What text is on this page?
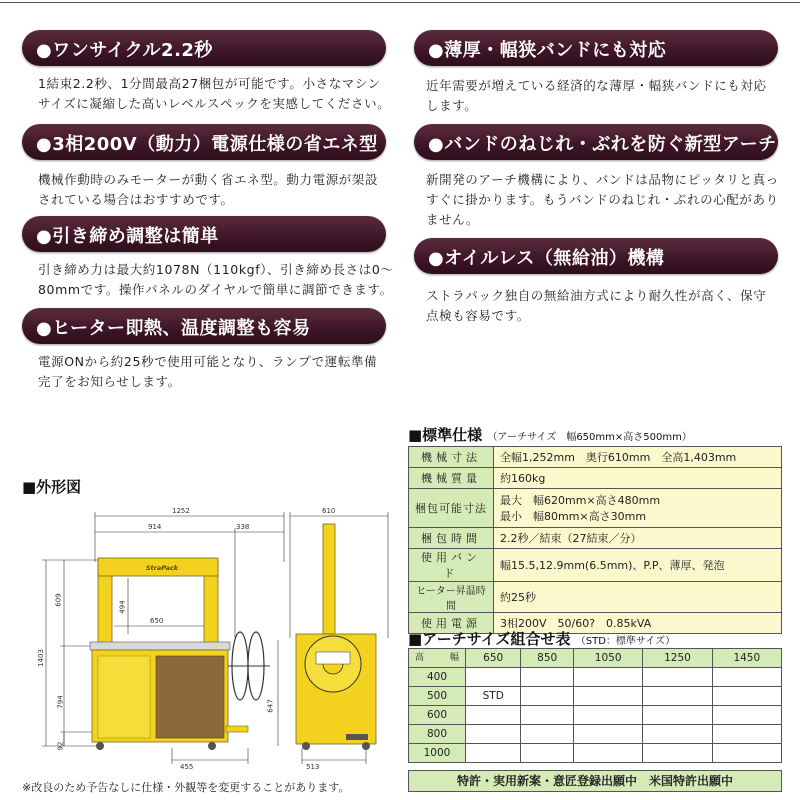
●ワンサイクル2.2秒
1結束2.2秒、1分間最高27梱包が可能です。小さなマシン
サイズに凝縮した高いレベルスペックを実感してください。
●3相200V（動力）電源仕様の省エネ型
機械作動時のみモーターが動く省エネ型。動力電源が架設
されている場合はおすすめです。
●引き締め調整は簡単
引き締め力は最大約1078N（110kgf）、引き締め長さは0～
80mmです。操作パネルのダイヤルで簡単に調節できます。
●ヒーター即熱、温度調整も容易
電源ONから約25秒で使用可能となり、ランプで運転準備
完了をお知らせします。
●薄厚・幅狭バンドにも対応
近年需要が増えている経済的な薄厚・幅狭バンドにも対応
します。
●バンドのねじれ・ぶれを防ぐ新型アーチ
新開発のアーチ機構により、バンドは品物にピッタリと真っ
すぐに掛かります。もうバンドのねじれ・ぶれの心配があり
ません。
●オイルレス（無給油）機構
ストラパック独自の無給油方式により耐久性が高く、保守
点検も容易です。
■外形図
StraPack
1252
914	338
610
609
494
650
1403
794
92
647
455	513
※改良のため予告なしに仕様・外観等を変更することがあります。
■標準仕様 （アーチサイズ　幅650mm×高さ500mm）
機械寸法	全幅1,252mm　奥行610mm　全高1,403mm
機械質量	約160kg
梱包可能寸法	最大　幅620mm×高さ480mm
最小　幅80mm×高さ30mm

梱包時間	2.2秒／結束（27結束／分）
使用バンド	幅15.5,12.9mm(6.5mm)、P.P、薄厚、発泡
ヒーター昇温時間	約25秒
使用電源	3相200V　50/60?　0.85kVA
■アーチサイズ組合せ表 （STD：標準サイズ）
高 幅	650	850	1050	1250	1450
400					
500	STD				
600					
800					
1000					
特許・実用新案・意匠登録出願中　米国特許出願中
